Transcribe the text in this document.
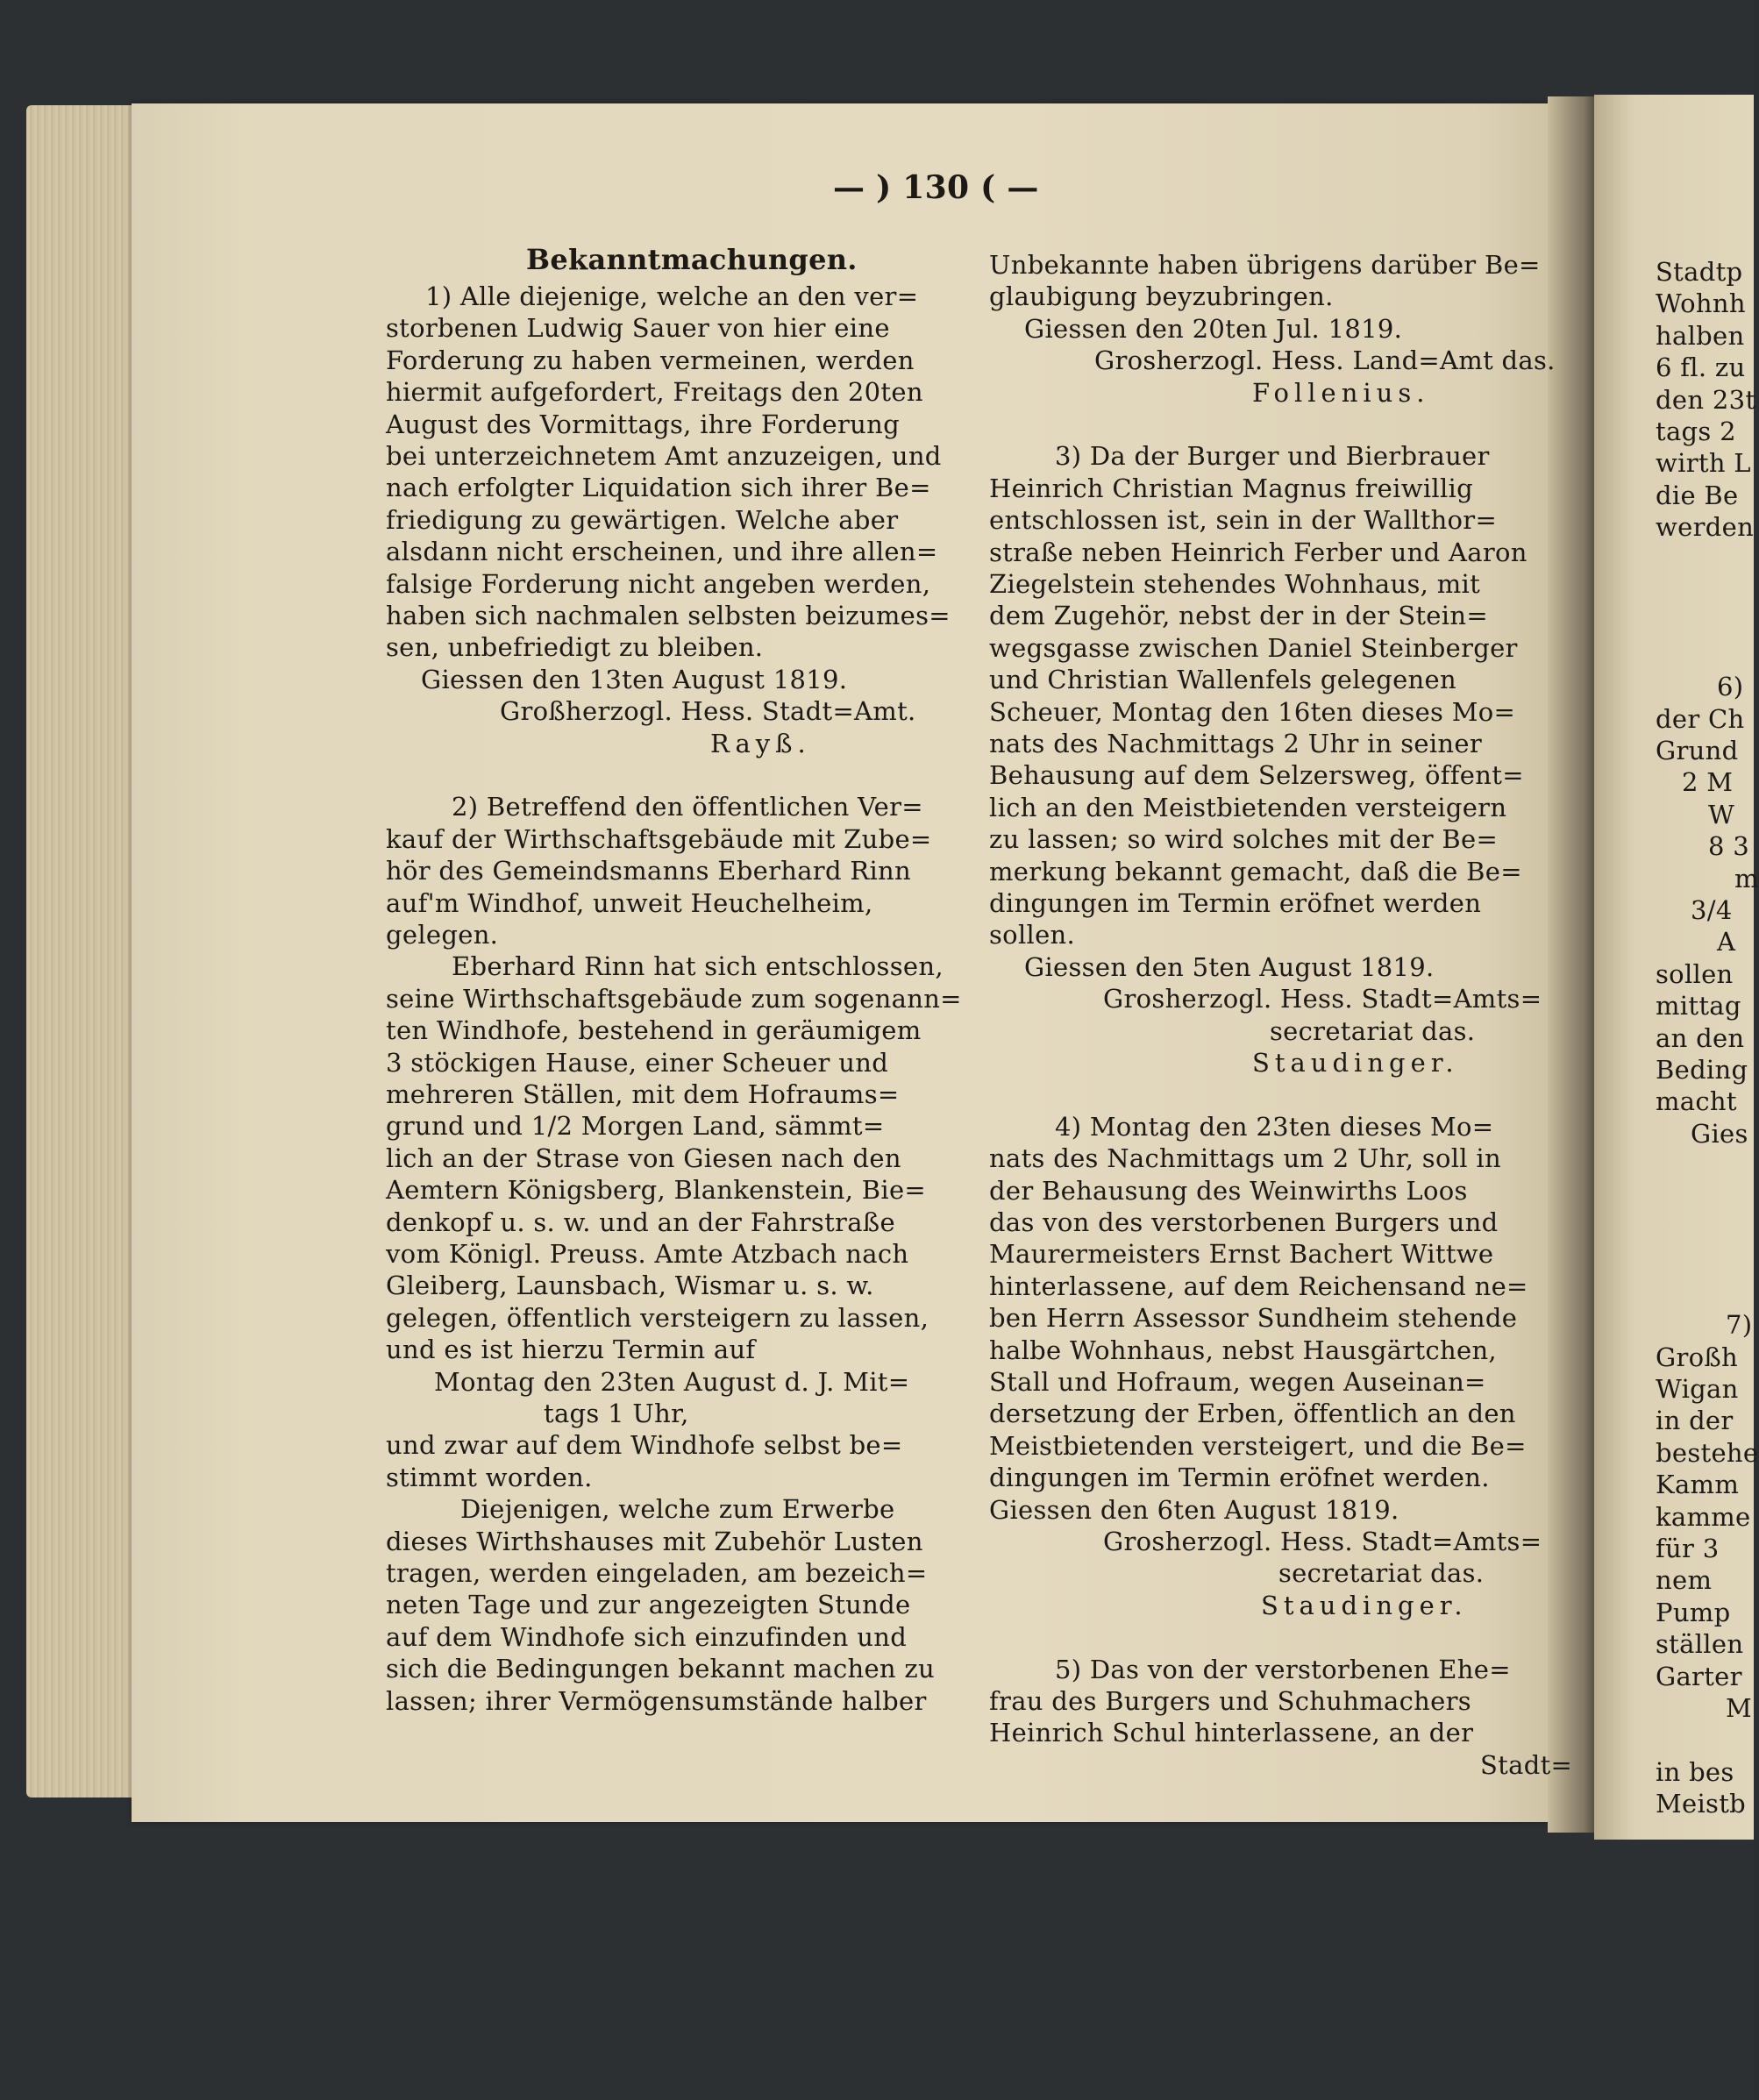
— ) 130 ( —
Bekanntmachungen.
1) Alle diejenige, welche an den ver=
storbenen Ludwig Sauer von hier eine
Forderung zu haben vermeinen, werden
hiermit aufgefordert, Freitags den 20ten
August des Vormittags, ihre Forderung
bei unterzeichnetem Amt anzuzeigen, und
nach erfolgter Liquidation sich ihrer Be=
friedigung zu gewärtigen. Welche aber
alsdann nicht erscheinen, und ihre allen=
falsige Forderung nicht angeben werden,
haben sich nachmalen selbsten beizumes=
sen, unbefriedigt zu bleiben.
Giessen den 13ten August 1819.
Großherzogl. Hess. Stadt=Amt.
Rayß.
2) Betreffend den öffentlichen Ver=
kauf der Wirthschaftsgebäude mit Zube=
hör des Gemeindsmanns Eberhard Rinn
auf'm Windhof, unweit Heuchelheim,
gelegen.
Eberhard Rinn hat sich entschlossen,
seine Wirthschaftsgebäude zum sogenann=
ten Windhofe, bestehend in geräumigem
3 stöckigen Hause, einer Scheuer und
mehreren Ställen, mit dem Hofraums=
grund und 1/2 Morgen Land, sämmt=
lich an der Strase von Giesen nach den
Aemtern Königsberg, Blankenstein, Bie=
denkopf u. s. w. und an der Fahrstraße
vom Königl. Preuss. Amte Atzbach nach
Gleiberg, Launsbach, Wismar u. s. w.
gelegen, öffentlich versteigern zu lassen,
und es ist hierzu Termin auf
Montag den 23ten August d. J. Mit=
tags 1 Uhr,
und zwar auf dem Windhofe selbst be=
stimmt worden.
Diejenigen, welche zum Erwerbe
dieses Wirthshauses mit Zubehör Lusten
tragen, werden eingeladen, am bezeich=
neten Tage und zur angezeigten Stunde
auf dem Windhofe sich einzufinden und
sich die Bedingungen bekannt machen zu
lassen; ihrer Vermögensumstände halber
Unbekannte haben übrigens darüber Be=
glaubigung beyzubringen.
Giessen den 20ten Jul. 1819.
Grosherzogl. Hess. Land=Amt das.
Follenius.
3) Da der Burger und Bierbrauer
Heinrich Christian Magnus freiwillig
entschlossen ist, sein in der Wallthor=
straße neben Heinrich Ferber und Aaron
Ziegelstein stehendes Wohnhaus, mit
dem Zugehör, nebst der in der Stein=
wegsgasse zwischen Daniel Steinberger
und Christian Wallenfels gelegenen
Scheuer, Montag den 16ten dieses Mo=
nats des Nachmittags 2 Uhr in seiner
Behausung auf dem Selzersweg, öffent=
lich an den Meistbietenden versteigern
zu lassen; so wird solches mit der Be=
merkung bekannt gemacht, daß die Be=
dingungen im Termin eröfnet werden
sollen.
Giessen den 5ten August 1819.
Grosherzogl. Hess. Stadt=Amts=
secretariat das.
Staudinger.
4) Montag den 23ten dieses Mo=
nats des Nachmittags um 2 Uhr, soll in
der Behausung des Weinwirths Loos
das von des verstorbenen Burgers und
Maurermeisters Ernst Bachert Wittwe
hinterlassene, auf dem Reichensand ne=
ben Herrn Assessor Sundheim stehende
halbe Wohnhaus, nebst Hausgärtchen,
Stall und Hofraum, wegen Auseinan=
dersetzung der Erben, öffentlich an den
Meistbietenden versteigert, und die Be=
dingungen im Termin eröfnet werden.
Giessen den 6ten August 1819.
Grosherzogl. Hess. Stadt=Amts=
secretariat das.
Staudinger.
5) Das von der verstorbenen Ehe=
frau des Burgers und Schuhmachers
Heinrich Schul hinterlassene, an der
Stadt=
Stadtp
Wohnh
halben
6 fl. zu
den 23t
tags 2
wirth L
die Be
werden
6)
der Ch
Grund
2 M
W
8 3
m
3/4
A
sollen
mittag
an den
Beding
macht
Gies
7)
Großh
Wigan
in der
bestehe
Kamm
kamme
für 3
nem
Pump
ställen
Garter
M
in bes
Meistb
